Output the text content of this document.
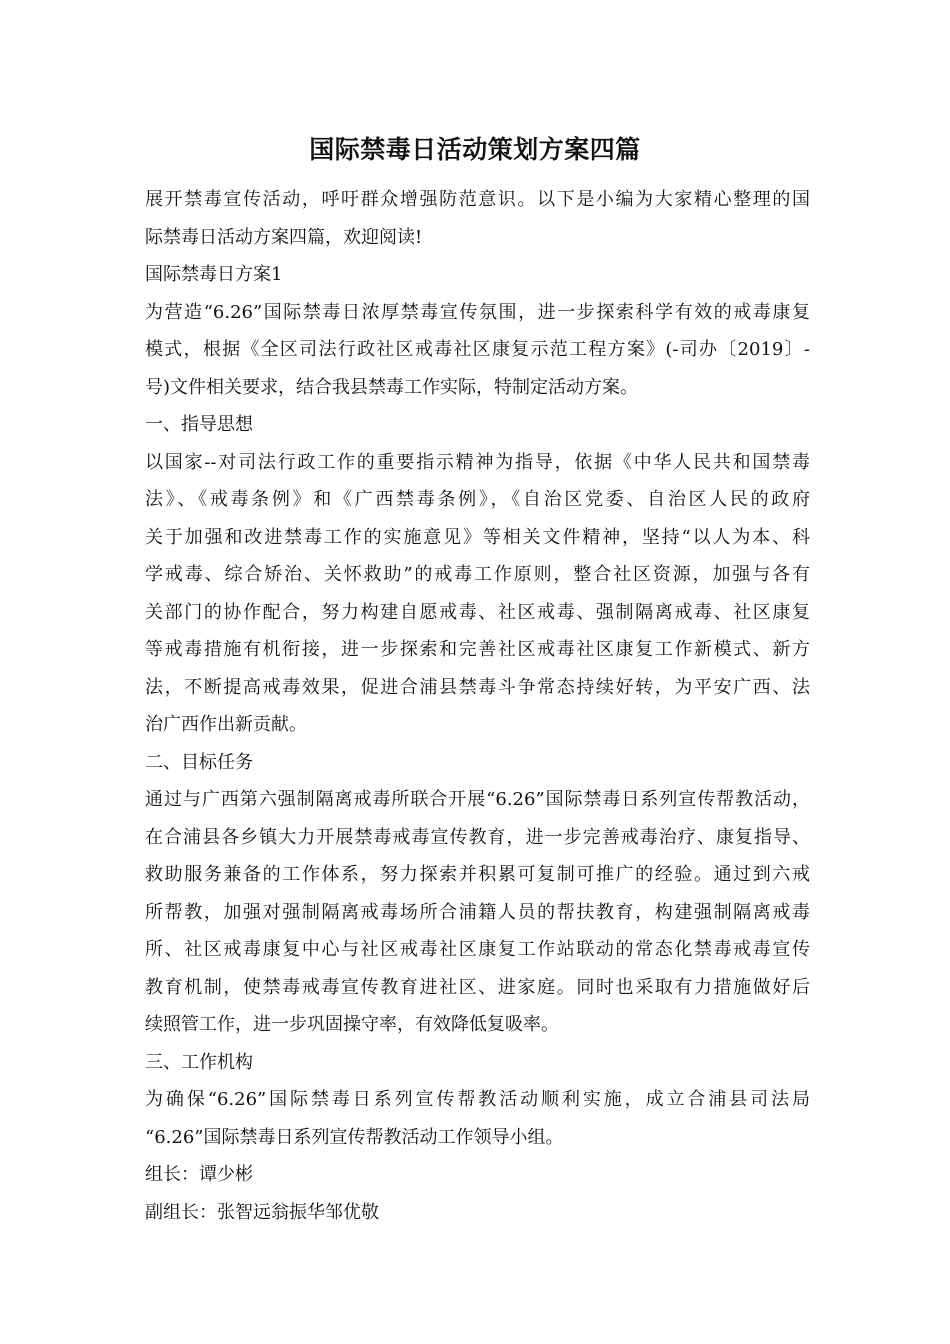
国际禁毒日活动策划方案四篇
展开禁毒宣传活动，呼吁群众增强防范意识。以下是小编为大家精心整理的国
际禁毒日活动方案四篇，欢迎阅读!
国际禁毒日方案1
为营造“6.26”国际禁毒日浓厚禁毒宣传氛围，进一步探索科学有效的戒毒康复
模式，根据《全区司法行政社区戒毒社区康复示范工程方案》(-司办〔2019〕-
号)文件相关要求，结合我县禁毒工作实际，特制定活动方案。
一、指导思想
以国家--对司法行政工作的重要指示精神为指导，依据《中华人民共和国禁毒
法》、《戒毒条例》和《广西禁毒条例》，《自治区党委、自治区人民的政府
关于加强和改进禁毒工作的实施意见》等相关文件精神，坚持“以人为本、科
学戒毒、综合矫治、关怀救助”的戒毒工作原则，整合社区资源，加强与各有
关部门的协作配合，努力构建自愿戒毒、社区戒毒、强制隔离戒毒、社区康复
等戒毒措施有机衔接，进一步探索和完善社区戒毒社区康复工作新模式、新方
法，不断提高戒毒效果，促进合浦县禁毒斗争常态持续好转，为平安广西、法
治广西作出新贡献。
二、目标任务
通过与广西第六强制隔离戒毒所联合开展“6.26”国际禁毒日系列宣传帮教活动，
在合浦县各乡镇大力开展禁毒戒毒宣传教育，进一步完善戒毒治疗、康复指导、
救助服务兼备的工作体系，努力探索并积累可复制可推广的经验。通过到六戒
所帮教，加强对强制隔离戒毒场所合浦籍人员的帮扶教育，构建强制隔离戒毒
所、社区戒毒康复中心与社区戒毒社区康复工作站联动的常态化禁毒戒毒宣传
教育机制，使禁毒戒毒宣传教育进社区、进家庭。同时也采取有力措施做好后
续照管工作，进一步巩固操守率，有效降低复吸率。
三、工作机构
为确保“6.26”国际禁毒日系列宣传帮教活动顺利实施，成立合浦县司法局
“6.26”国际禁毒日系列宣传帮教活动工作领导小组。
组长：谭少彬
副组长：张智远翁振华邹优敬
